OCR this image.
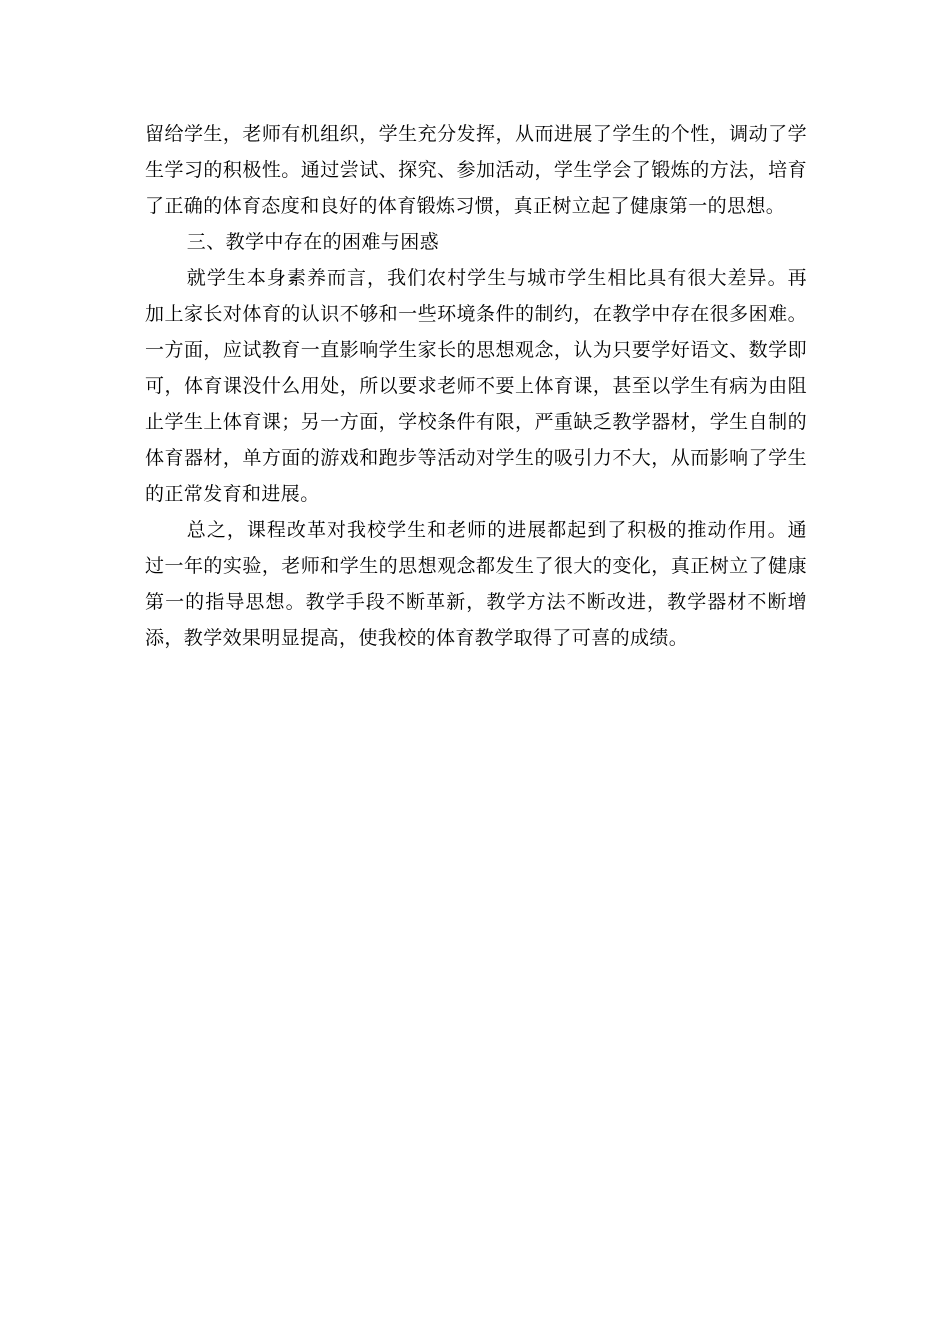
留给学生，老师有机组织，学生充分发挥，从而进展了学生的个性，调动了学生学习的积极性。通过尝试、探究、参加活动，学生学会了锻炼的方法，培育了正确的体育态度和良好的体育锻炼习惯，真正树立起了健康第一的思想。

三、教学中存在的困难与困惑

就学生本身素养而言，我们农村学生与城市学生相比具有很大差异。再加上家长对体育的认识不够和一些环境条件的制约，在教学中存在很多困难。一方面，应试教育一直影响学生家长的思想观念，认为只要学好语文、数学即可，体育课没什么用处，所以要求老师不要上体育课，甚至以学生有病为由阻止学生上体育课；另一方面，学校条件有限，严重缺乏教学器材，学生自制的体育器材，单方面的游戏和跑步等活动对学生的吸引力不大，从而影响了学生的正常发育和进展。

总之，课程改革对我校学生和老师的进展都起到了积极的推动作用。通过一年的实验，老师和学生的思想观念都发生了很大的变化，真正树立了健康第一的指导思想。教学手段不断革新，教学方法不断改进，教学器材不断增添，教学效果明显提高，使我校的体育教学取得了可喜的成绩。
